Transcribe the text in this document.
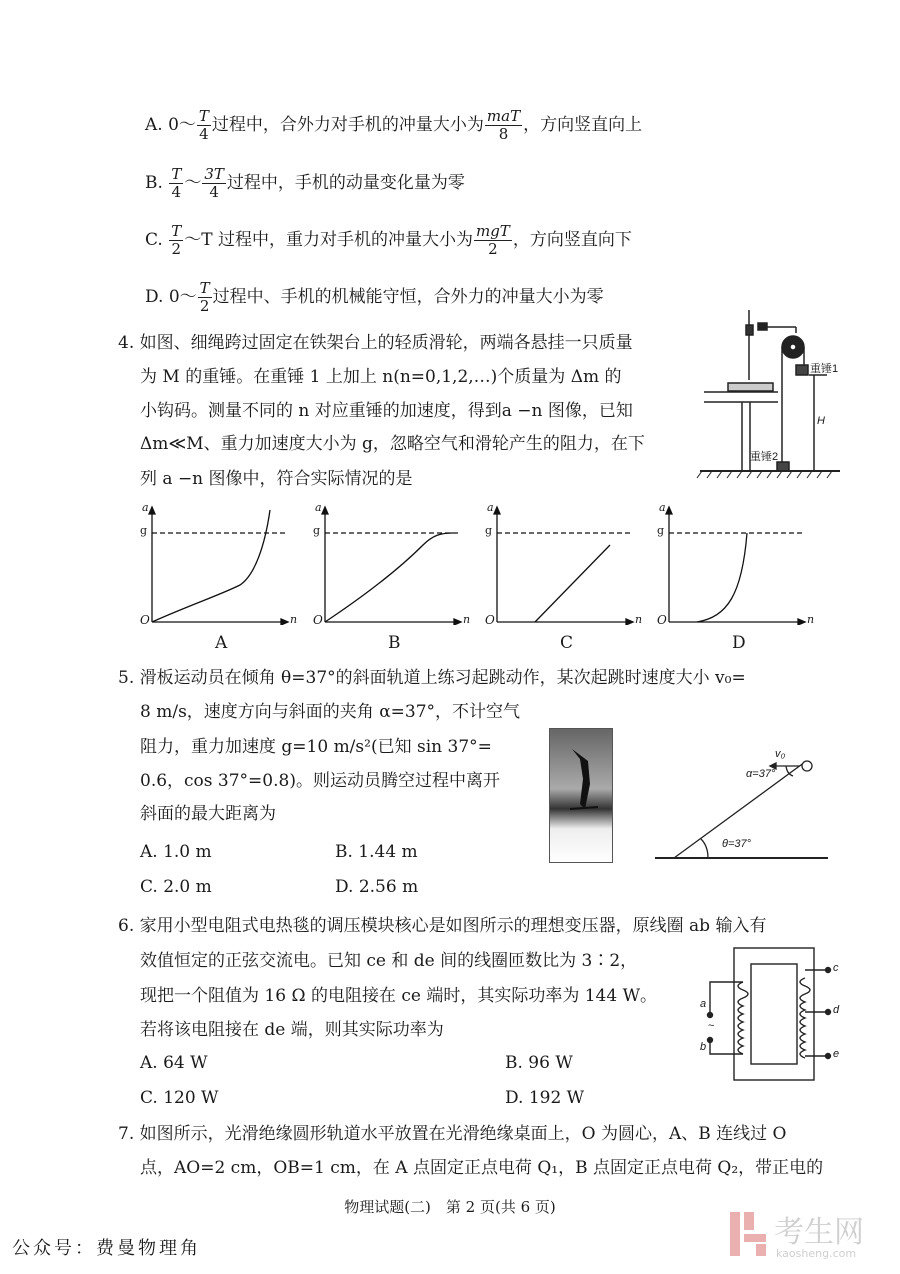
A. 0～ $\frac{T}{4}$ 过程中，合外力对手机的冲量大小为 maT
8 ，方向竖直向上
B. $\frac{T}{4}$ ～ $\frac{3T}{4}$ 过程中，手机的动量变化量为零
C. $\frac{T}{2}$ ～T 过程中，重力对手机的冲量大小为 mgT
2 ，方向竖直向下
D. 0～ $\frac{T}{2}$ 过程中、手机的机械能守恒，合外力的冲量大小为零
4. 如图、细绳跨过固定在铁架台上的轻质滑轮，两端各悬挂一只质量
为 M 的重锤。在重锤 1 上加上 n(n=0,1,2,…)个质量为 Δm 的
小钩码。测量不同的 n 对应重锤的加速度，得到a −n 图像，已知
Δm≪M、重力加速度大小为 g，忽略空气和滑轮产生的阻力，在下
列 a −n 图像中，符合实际情况的是
重锤1
重锤2
H
a
g
O	n
A
a
g
O	n
B
a
g
O	n
C
a
g
O	n
D
5. 滑板运动员在倾角 θ=37°的斜面轨道上练习起跳动作，某次起跳时速度大小 v₀=
8 m/s，速度方向与斜面的夹角 α=37°，不计空气
阻力，重力加速度 g=10 m/s²(已知 sin 37°=
0.6，cos 37°=0.8)。则运动员腾空过程中离开
斜面的最大距离为
A. 1.0 m	B. 1.44 m
C. 2.0 m	D. 2.56 m
v₀
α=37°
θ=37°
6. 家用小型电阻式电热毯的调压模块核心是如图所示的理想变压器，原线圈 ab 输入有
效值恒定的正弦交流电。已知 ce 和 de 间的线圈匝数比为 3∶2，
现把一个阻值为 16 Ω 的电阻接在 ce 端时，其实际功率为 144 W。
若将该电阻接在 de 端，则其实际功率为
A. 64 W	B. 96 W
C. 120 W	D. 192 W
a
~
b
c
d
e
7. 如图所示，光滑绝缘圆形轨道水平放置在光滑绝缘桌面上，O 为圆心，A、B 连线过 O
点，AO=2 cm，OB=1 cm，在 A 点固定正点电荷 Q₁，B 点固定正点电荷 Q₂，带正电的
物理试题(二)　第 2 页(共 6 页)
公众号：费曼物理角	考生网
kaosheng.com
